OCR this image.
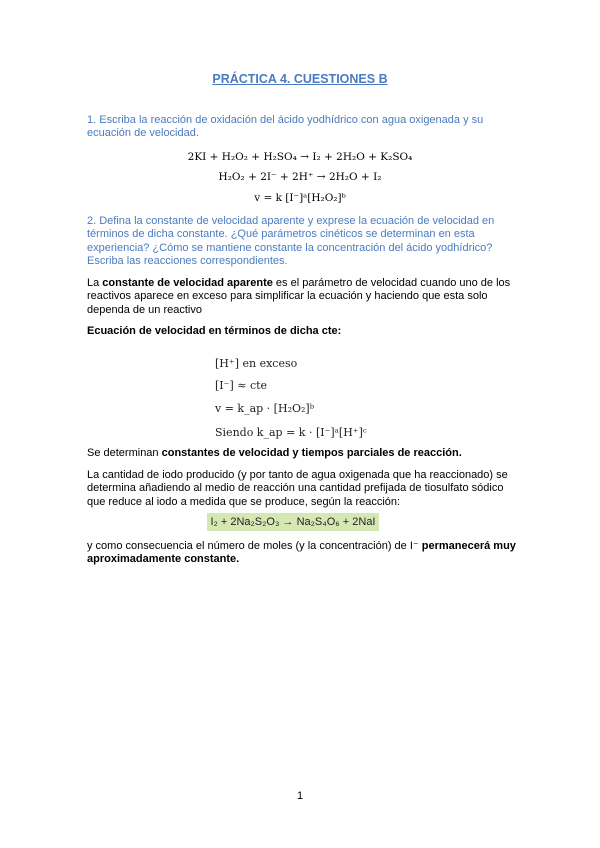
PRÁCTICA 4. CUESTIONES B
1. Escriba la reacción de oxidación del ácido yodhídrico con agua oxigenada y su ecuación de velocidad.
2KI + H₂O₂ + H₂SO₄ → I₂ + 2H₂O + K₂SO₄
H₂O₂ + 2I⁻ + 2H⁺ → 2H₂O + I₂
v = k [I⁻]ᵃ[H₂O₂]ᵇ
2. Defina la constante de velocidad aparente y exprese la ecuación de velocidad en términos de dicha constante. ¿Qué parámetros cinéticos se determinan en esta experiencia? ¿Cómo se mantiene constante la concentración del ácido yodhídrico? Escriba las reacciones correspondientes.
La constante de velocidad aparente es el parámetro de velocidad cuando uno de los reactivos aparece en exceso para simplificar la ecuación y haciendo que esta solo dependa de un reactivo
Ecuación de velocidad en términos de dicha cte:
[H⁺] en exceso
[I⁻] ≈ cte
v = k_ap · [H₂O₂]ᵇ
Siendo k_ap = k · [I⁻]ᵃ[H⁺]ᶜ
Se determinan constantes de velocidad y tiempos parciales de reacción.
La cantidad de iodo producido (y por tanto de agua oxigenada que ha reaccionado) se determina añadiendo al medio de reacción una cantidad prefijada de tiosulfato sódico que reduce al iodo a medida que se produce, según la reacción:
I₂ + 2Na₂S₂O₃ → Na₂S₄O₆ + 2NaI
y como consecuencia el número de moles (y la concentración) de I⁻ permanecerá muy aproximadamente constante.
1
